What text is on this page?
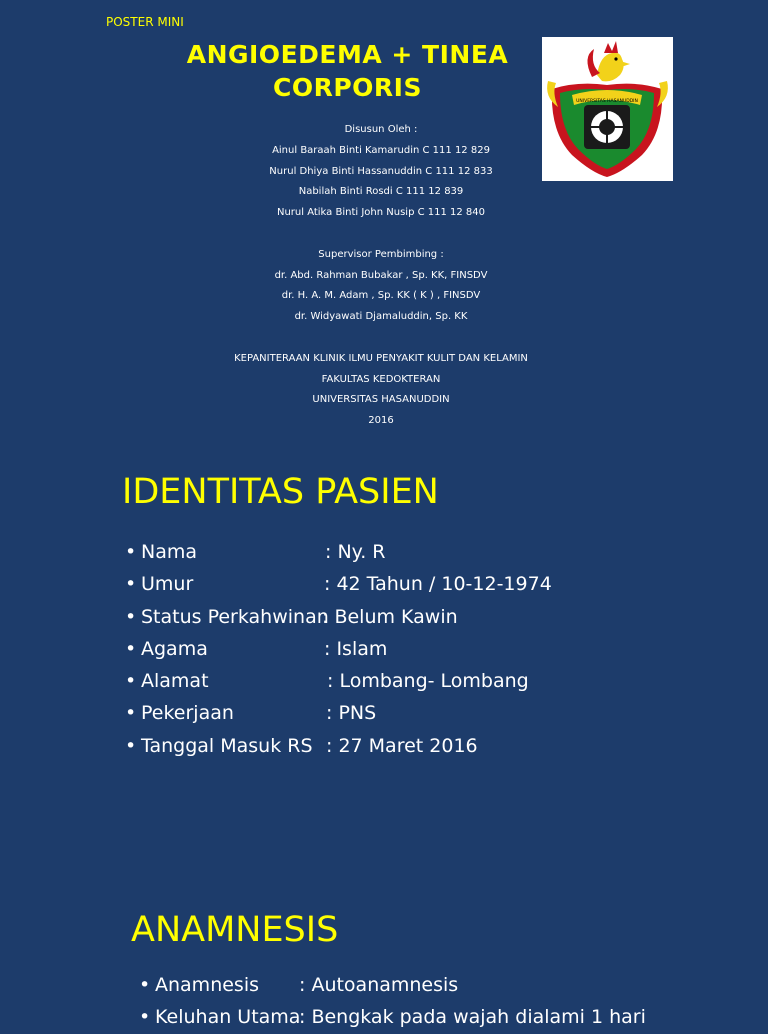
POSTER MINI
ANGIOEDEMA + TINEA
CORPORIS	UNIVERSITAS HASANUDDIN
Disusun Oleh :
Ainul Baraah Binti Kamarudin C 111 12 829
Nurul Dhiya Binti Hassanuddin C 111 12 833
Nabilah Binti Rosdi C 111 12 839
Nurul Atika Binti John Nusip C 111 12 840
Supervisor Pembimbing :
dr. Abd. Rahman Bubakar , Sp. KK, FINSDV
dr. H. A. M. Adam , Sp. KK ( K ) , FINSDV
dr. Widyawati Djamaluddin, Sp. KK
KEPANITERAAN KLINIK ILMU PENYAKIT KULIT DAN KELAMIN
FAKULTAS KEDOKTERAN
UNIVERSITAS HASANUDDIN
2016
IDENTITAS PASIEN
• Nama	: Ny. R
• Umur	: 42 Tahun / 10-12-1974
• Status Perkahwinan
: Belum Kawin
• Agama	: Islam
• Alamat	: Lombang- Lombang
• Pekerjaan	: PNS
• Tanggal Masuk RS : 27 Maret 2016
ANAMNESIS
• Anamnesis : Autoanamnesis
• Keluhan Utama
: Bengkak pada wajah dialami 1 hari
